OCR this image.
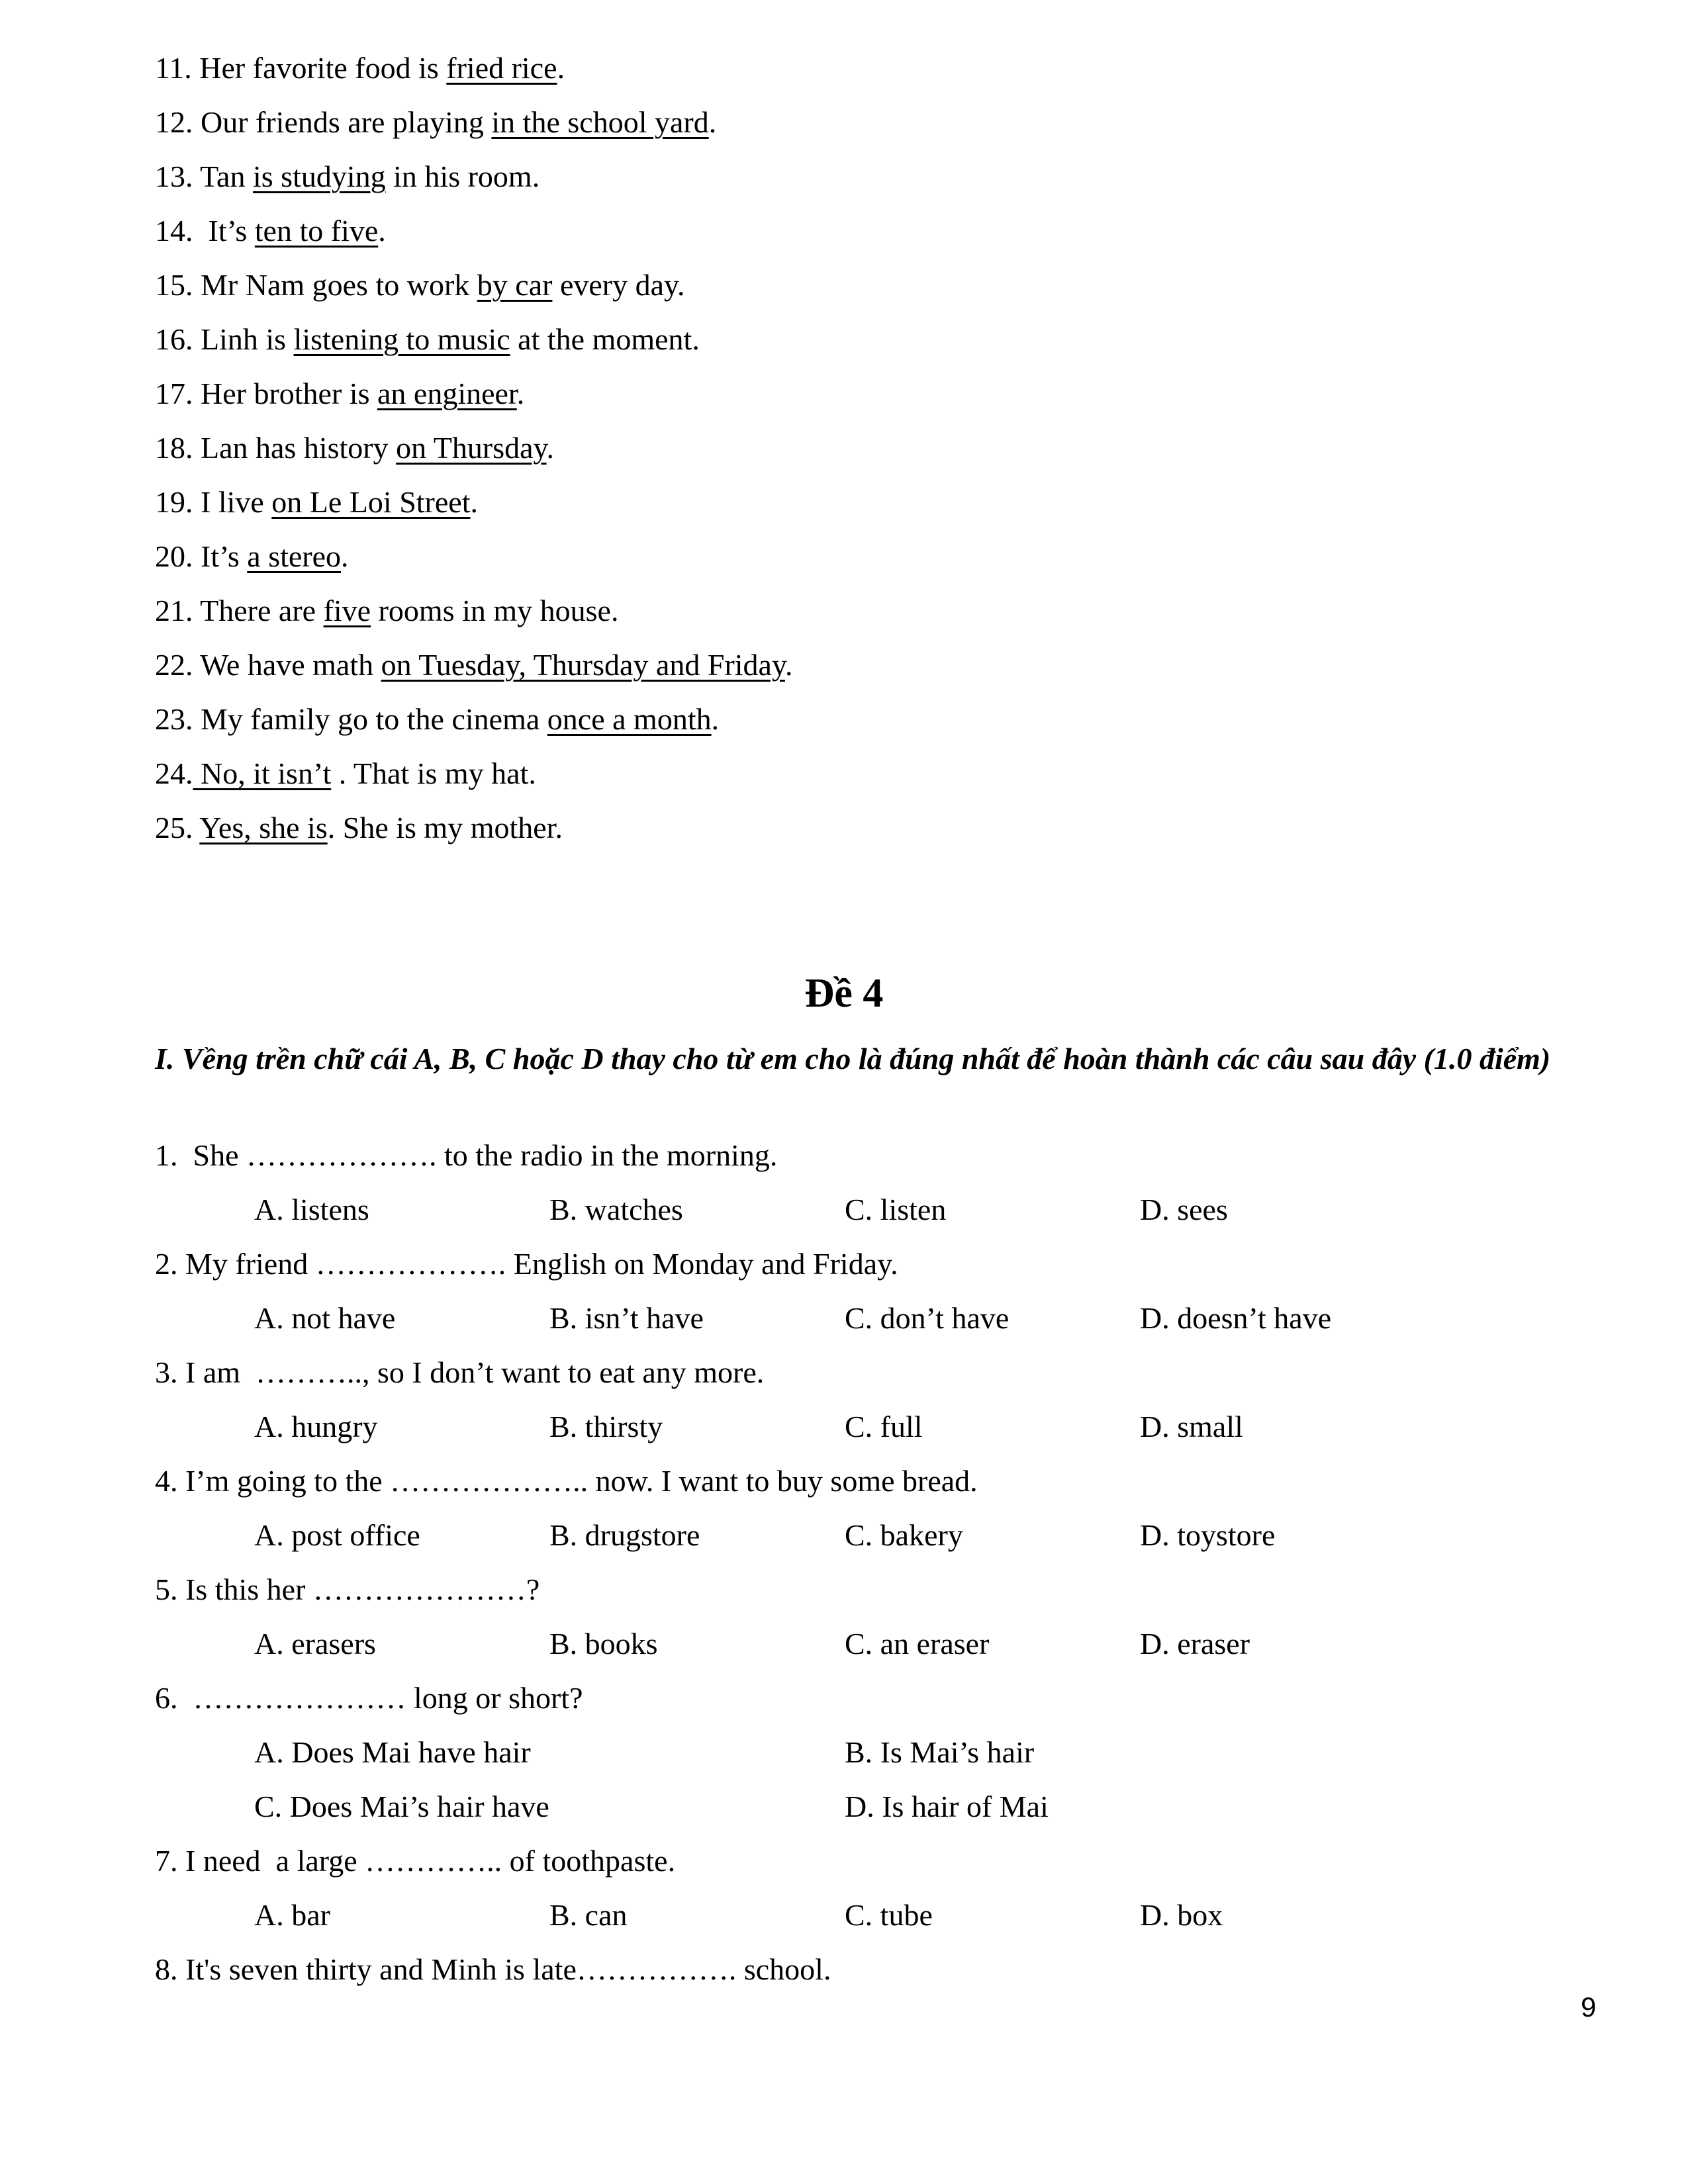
11. Her favorite food is fried rice.
12. Our friends are playing in the school yard.
13. Tan is studying in his room.
14.  It’s ten to five.
15. Mr Nam goes to work by car every day.
16. Linh is listening to music at the moment.
17. Her brother is an engineer.
18. Lan has history on Thursday.
19. I live on Le Loi Street.
20. It’s a stereo.
21. There are five rooms in my house.
22. We have math on Tuesday, Thursday and Friday.
23. My family go to the cinema once a month.
24. No, it isn’t . That is my hat.
25. Yes, she is. She is my mother.
Đề 4
I. Vềng trền chữ cái A, B, C hoặc D thay cho từ em cho là đúng nhất để hoàn thành các câu sau đây (1.0 điểm)
1.  She ………………. to the radio in the morning.
A. listens	B. watches	C. listen	D. sees
2. My friend ………………. English on Monday and Friday.
A. not have	B. isn’t have	C. don’t have	D. doesn’t have
3. I am  ……….., so I don’t want to eat any more.
A. hungry	B. thirsty	C. full	D. small
4. I’m going to the ……………….. now. I want to buy some bread.
A. post office	B. drugstore	C. bakery	D. toystore
5. Is this her …………………?
A. erasers	B. books	C. an eraser	D. eraser
6.  ………………… long or short?
A. Does Mai have hair	B. Is Mai’s hair
C. Does Mai’s hair have	D. Is hair of Mai
7. I need  a large ………….. of toothpaste.
A. bar	B. can	C. tube	D. box
8. It's seven thirty and Minh is late……………. school.
9
